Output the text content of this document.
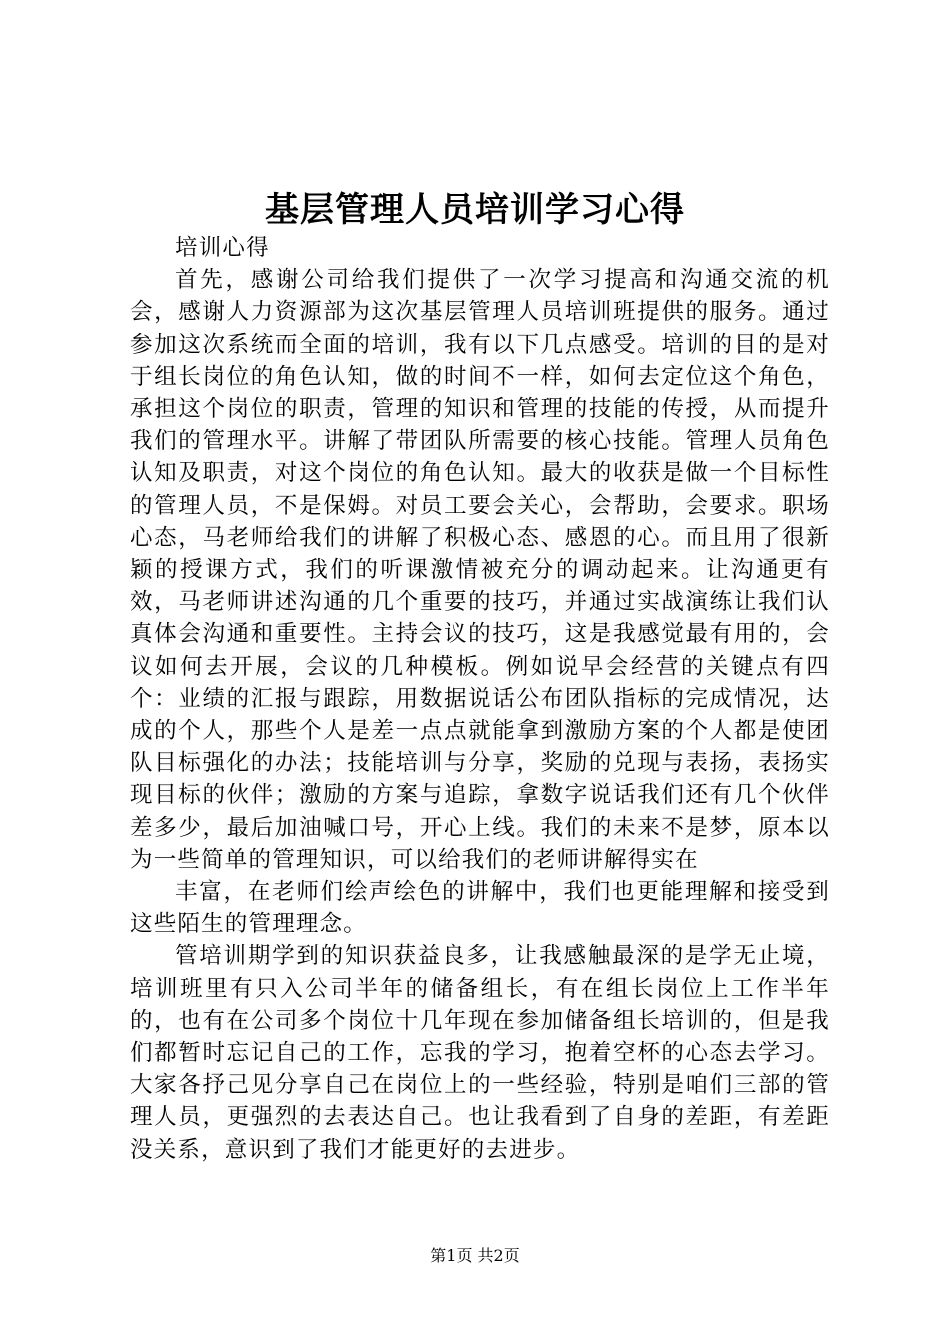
基层管理人员培训学习心得

培训心得

首先，感谢公司给我们提供了一次学习提高和沟通交流的机会，感谢人力资源部为这次基层管理人员培训班提供的服务。通过参加这次系统而全面的培训，我有以下几点感受。培训的目的是对于组长岗位的角色认知，做的时间不一样，如何去定位这个角色，承担这个岗位的职责，管理的知识和管理的技能的传授，从而提升我们的管理水平。讲解了带团队所需要的核心技能。管理人员角色认知及职责，对这个岗位的角色认知。最大的收获是做一个目标性的管理人员，不是保姆。对员工要会关心，会帮助，会要求。职场心态，马老师给我们的讲解了积极心态、感恩的心。而且用了很新颖的授课方式，我们的听课激情被充分的调动起来。让沟通更有效，马老师讲述沟通的几个重要的技巧，并通过实战演练让我们认真体会沟通和重要性。主持会议的技巧，这是我感觉最有用的，会议如何去开展，会议的几种模板。例如说早会经营的关键点有四个：业绩的汇报与跟踪，用数据说话公布团队指标的完成情况，达成的个人，那些个人是差一点点就能拿到激励方案的个人都是使团队目标强化的办法；技能培训与分享，奖励的兑现与表扬，表扬实现目标的伙伴；激励的方案与追踪，拿数字说话我们还有几个伙伴差多少，最后加油喊口号，开心上线。我们的未来不是梦，原本以为一些简单的管理知识，可以给我们的老师讲解得实在

丰富，在老师们绘声绘色的讲解中，我们也更能理解和接受到这些陌生的管理理念。

管培训期学到的知识获益良多，让我感触最深的是学无止境，培训班里有只入公司半年的储备组长，有在组长岗位上工作半年的，也有在公司多个岗位十几年现在参加储备组长培训的，但是我们都暂时忘记自己的工作，忘我的学习，抱着空杯的心态去学习。大家各抒己见分享自己在岗位上的一些经验，特别是咱们三部的管理人员，更强烈的去表达自己。也让我看到了自身的差距，有差距没关系，意识到了我们才能更好的去进步。

第1页 共2页
